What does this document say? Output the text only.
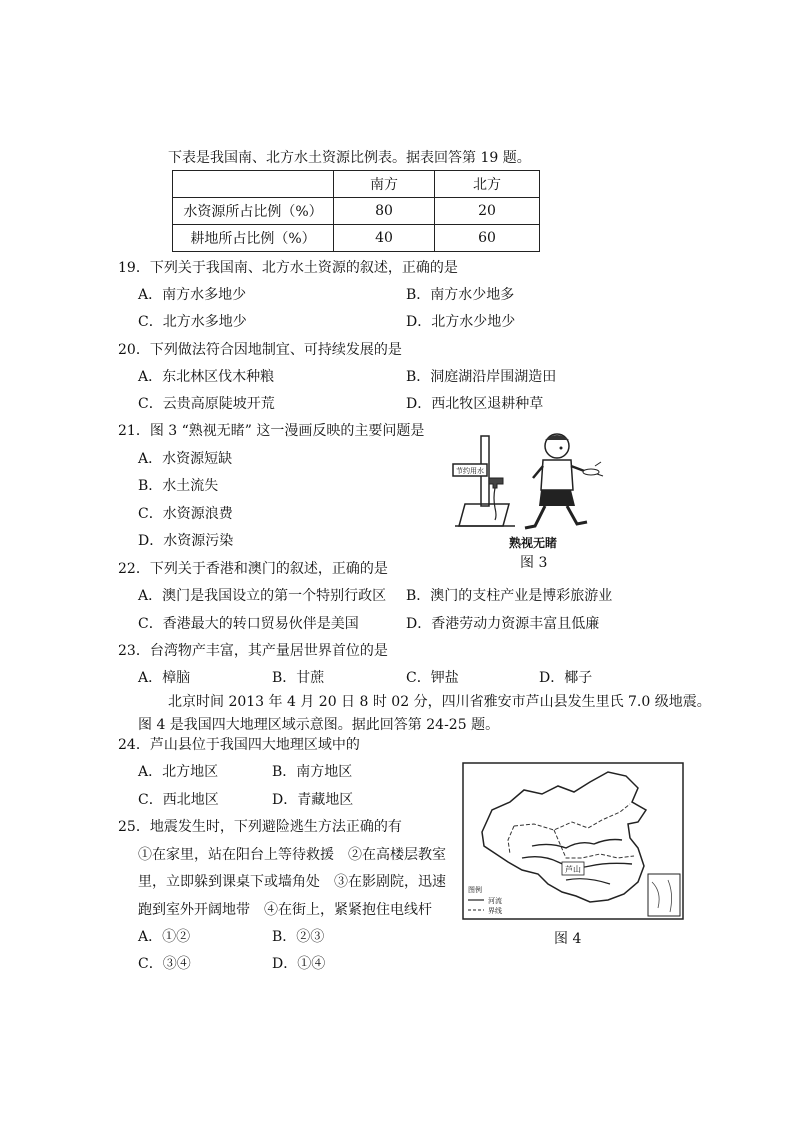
下表是我国南、北方水土资源比例表。据表回答第 19 题。
	南方	北方
水资源所占比例（%）	80	20
耕地所占比例（%）	40	60
19．下列关于我国南、北方水土资源的叙述，正确的是
A．南方水多地少	B．南方水少地多
C．北方水多地少	D．北方水少地少
20．下列做法符合因地制宜、可持续发展的是
A．东北林区伐木种粮	B．洞庭湖沿岸围湖造田
C．云贵高原陡坡开荒	D．西北牧区退耕种草
21．图 3 “熟视无睹” 这一漫画反映的主要问题是
A．水资源短缺
B．水土流失
C．水资源浪费
D．水资源污染
节约用水
熟视无睹
图 3
22．下列关于香港和澳门的叙述，正确的是
A．澳门是我国设立的第一个特别行政区 B．澳门的支柱产业是博彩旅游业
C．香港最大的转口贸易伙伴是美国	D．香港劳动力资源丰富且低廉
23．台湾物产丰富，其产量居世界首位的是
A．樟脑	B．甘蔗	C．钾盐	D．椰子
北京时间 2013 年 4 月 20 日 8 时 02 分，四川省雅安市芦山县发生里氏 7.0 级地震。
图 4 是我国四大地理区域示意图。据此回答第 24-25 题。
24．芦山县位于我国四大地理区域中的
A．北方地区	B．南方地区
C．西北地区	D．青藏地区
25．地震发生时，下列避险逃生方法正确的有
①在家里，站在阳台上等待救援　②在高楼层教室
里，立即躲到课桌下或墙角处　③在影剧院，迅速
跑到室外开阔地带　④在街上，紧紧抱住电线杆
A．①②	B．②③
C．③④	D．①④
芦山
图例
河流
界线
图 4
